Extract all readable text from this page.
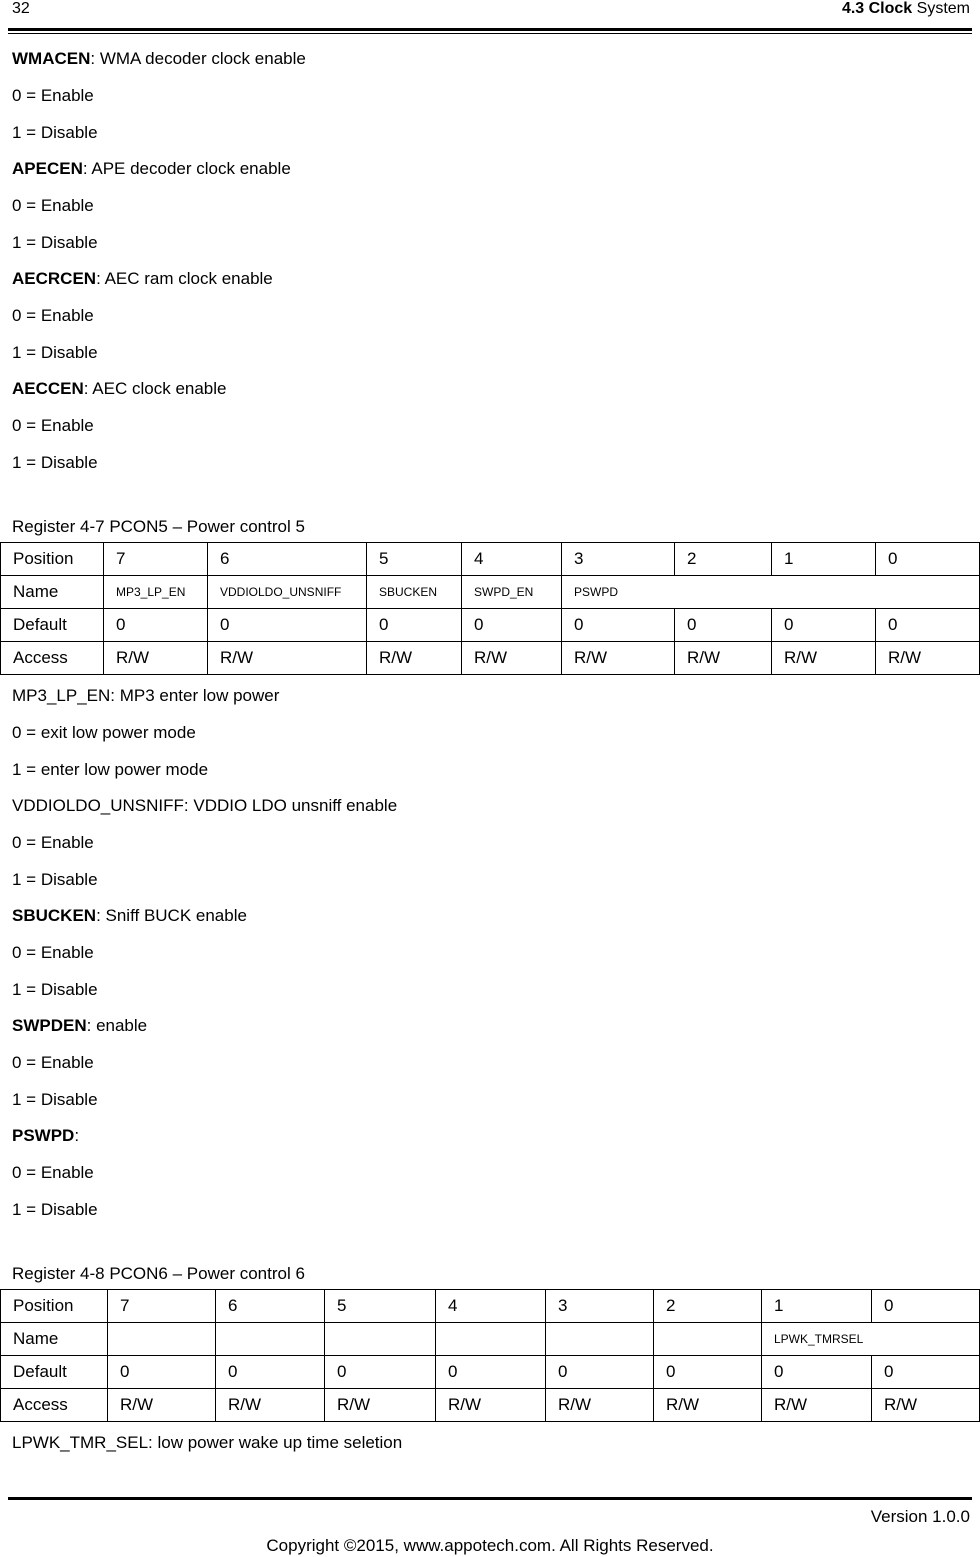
32	4.3 Clock System
WMACEN: WMA decoder clock enable
0 = Enable
1 = Disable
APECEN: APE decoder clock enable
0 = Enable
1 = Disable
AECRCEN: AEC ram clock enable
0 = Enable
1 = Disable
AECCEN: AEC clock enable
0 = Enable
1 = Disable
Register 4-7 PCON5 – Power control 5
Position	7	6	5	4	3	2	1	0
Name	MP3_LP_EN	VDDIOLDO_UNSNIFF	SBUCKEN	SWPD_EN	PSWPD			
Default	0	0	0	0	0	0	0	0
Access	R/W	R/W	R/W	R/W	R/W	R/W	R/W	R/W
MP3_LP_EN: MP3 enter low power
0 = exit low power mode
1 = enter low power mode
VDDIOLDO_UNSNIFF: VDDIO LDO unsniff enable
0 = Enable
1 = Disable
SBUCKEN: Sniff BUCK enable
0 = Enable
1 = Disable
SWPDEN: enable
0 = Enable
1 = Disable
PSWPD:
0 = Enable
1 = Disable
Register 4-8 PCON6 – Power control 6
Position	7	6	5	4	3	2	1	0
Name							LPWK_TMRSEL	
Default	0	0	0	0	0	0	0	0
Access	R/W	R/W	R/W	R/W	R/W	R/W	R/W	R/W
LPWK_TMR_SEL: low power wake up time seletion
Version 1.0.0
Copyright ©2015, www.appotech.com. All Rights Reserved.
